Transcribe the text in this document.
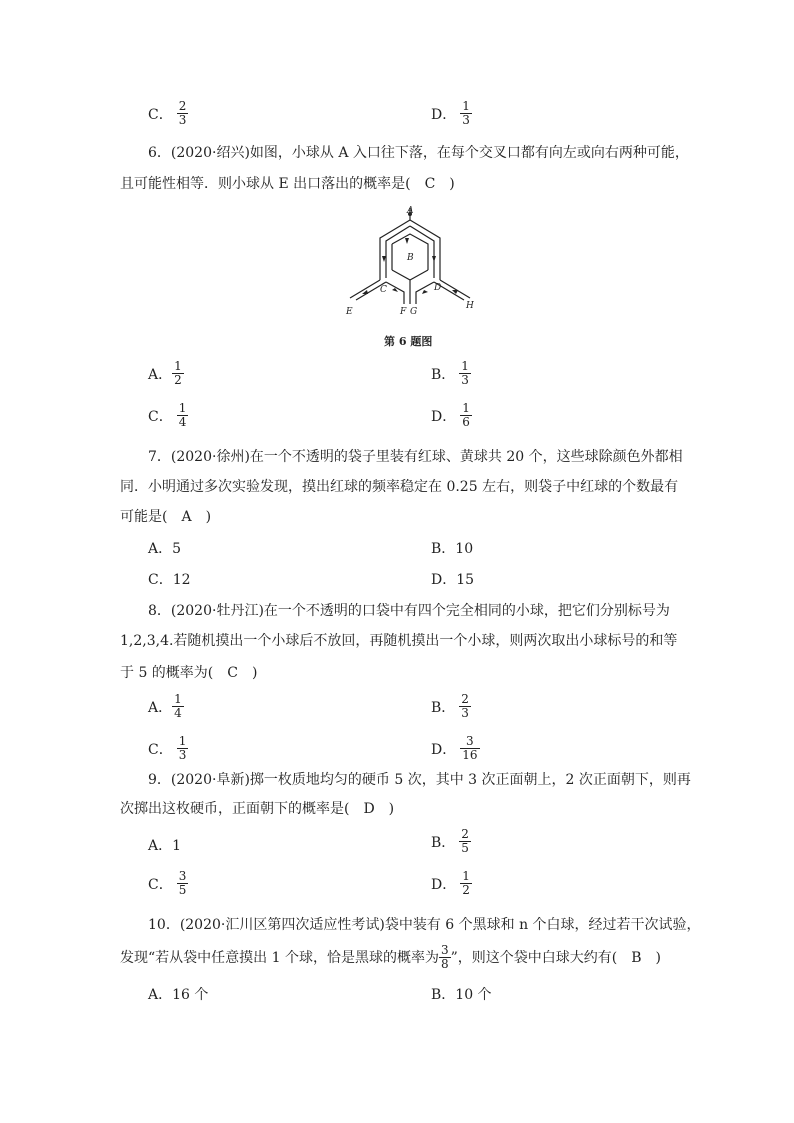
C． $\frac{2}{3}$	D． $\frac{1}{3}$
6．(2020·绍兴)如图，小球从 A 入口往下落，在每个交叉口都有向左或向右两种可能，
且可能性相等．则小球从 E 出口落出的概率是(　C　)
A
B
C	D
E	F G
H
第 6 题图
A． $\frac{1}{2}$	B． $\frac{1}{3}$
C． $\frac{1}{4}$	D． $\frac{1}{6}$
7．(2020·徐州)在一个不透明的袋子里装有红球、黄球共 20 个，这些球除颜色外都相
同．小明通过多次实验发现，摸出红球的频率稳定在 0.25 左右，则袋子中红球的个数最有
可能是(　A　)
A．5	B．10
C．12	D．15
8．(2020·牡丹江)在一个不透明的口袋中有四个完全相同的小球，把它们分别标号为
1,2,3,4.若随机摸出一个小球后不放回，再随机摸出一个小球，则两次取出小球标号的和等
于 5 的概率为(　C　)
A． $\frac{1}{4}$	B． $\frac{2}{3}$
C． $\frac{1}{3}$	D． $\frac{3}{16}$
9．(2020·阜新)掷一枚质地均匀的硬币 5 次，其中 3 次正面朝上，2 次正面朝下，则再
次掷出这枚硬币，正面朝下的概率是(　D　)
A．1	B． $\frac{2}{5}$
C． $\frac{3}{5}$	D． $\frac{1}{2}$
10．(2020·汇川区第四次适应性考试)袋中装有 6 个黑球和 n 个白球，经过若干次试验，
发现“若从袋中任意摸出 1 个球，恰是黑球的概率为 $\frac{3}{8}$ ”，则这个袋中白球大约有(　B　)
A．16 个	B．10 个
